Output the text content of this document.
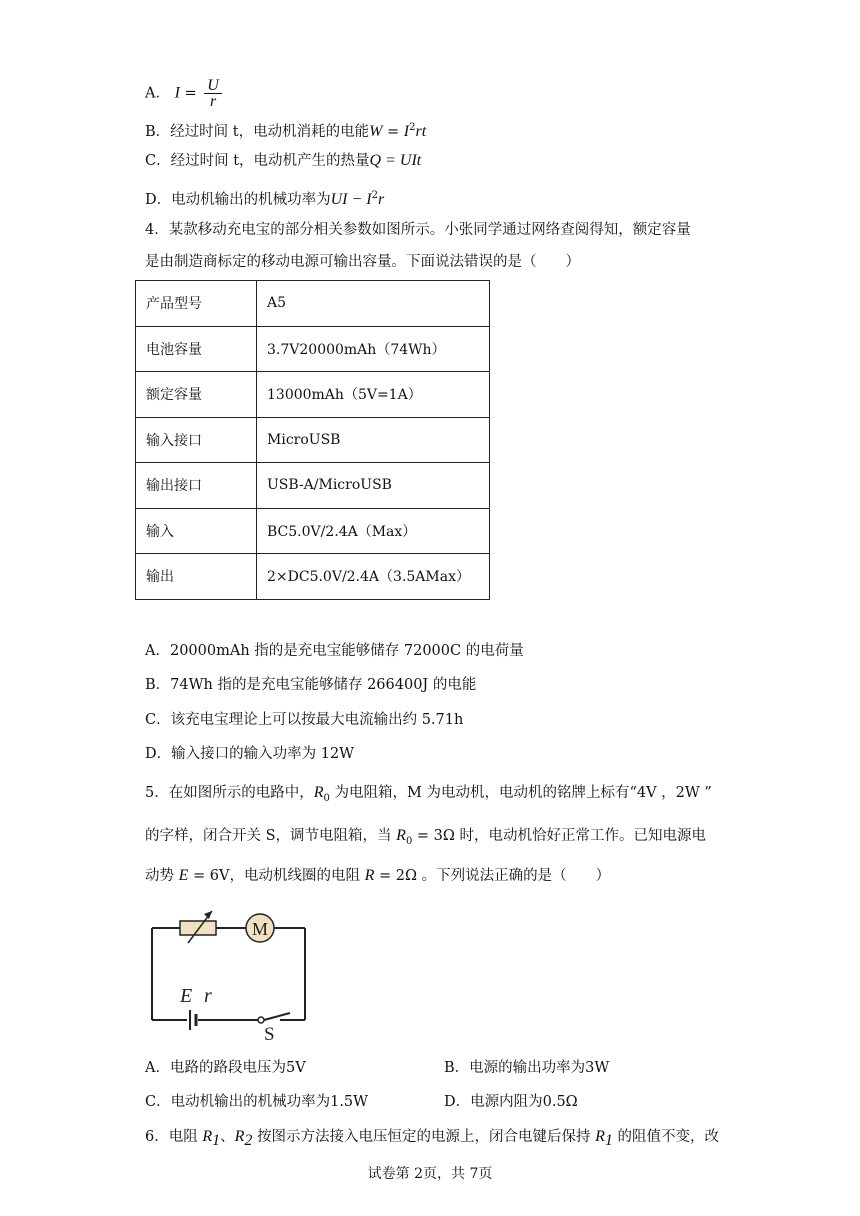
A． $I = \frac{U}{r}$
B．经过时间 t，电动机消耗的电能$W = I^2rt$
C．经过时间 t，电动机产生的热量Q = UIt
D．电动机输出的机械功率为UI − $I^2r$
4．某款移动充电宝的部分相关参数如图所示。小张同学通过网络查阅得知，额定容量
是由制造商标定的移动电源可输出容量。下面说法错误的是（　　）
产品型号	A5
电池容量	3.7V20000mAh（74Wh）
额定容量	13000mAh（5V=1A）
输入接口	MicroUSB
输出接口	USB-A/MicroUSB
输入	BC5.0V/2.4A（Max）
输出	2×DC5.0V/2.4A（3.5AMax）
A．20000mAh 指的是充电宝能够储存 72000C 的电荷量
B．74Wh 指的是充电宝能够储存 266400J 的电能
C．该充电宝理论上可以按最大电流输出约 5.71h
D．输入接口的输入功率为 12W
5．在如图所示的电路中，$R_0$ 为电阻箱，M 为电动机，电动机的铭牌上标有“4V ，2W ”
的字样，闭合开关 S，调节电阻箱，当 $R_0 = 3\Omega$ 时，电动机恰好正常工作。已知电源电
动势 E = 6V，电动机线圈的电阻 R = 2Ω 。下列说法正确的是（　　）
M
E r
S
A．电路的路段电压为5V	B．电源的输出功率为3W
C．电动机输出的机械功率为1.5W	D．电源内阻为0.5Ω
6．电阻 $R_1$、$R_2$ 按图示方法接入电压恒定的电源上，闭合电键后保持 $R_1$ 的阻值不变，改
试卷第 2页，共 7页
